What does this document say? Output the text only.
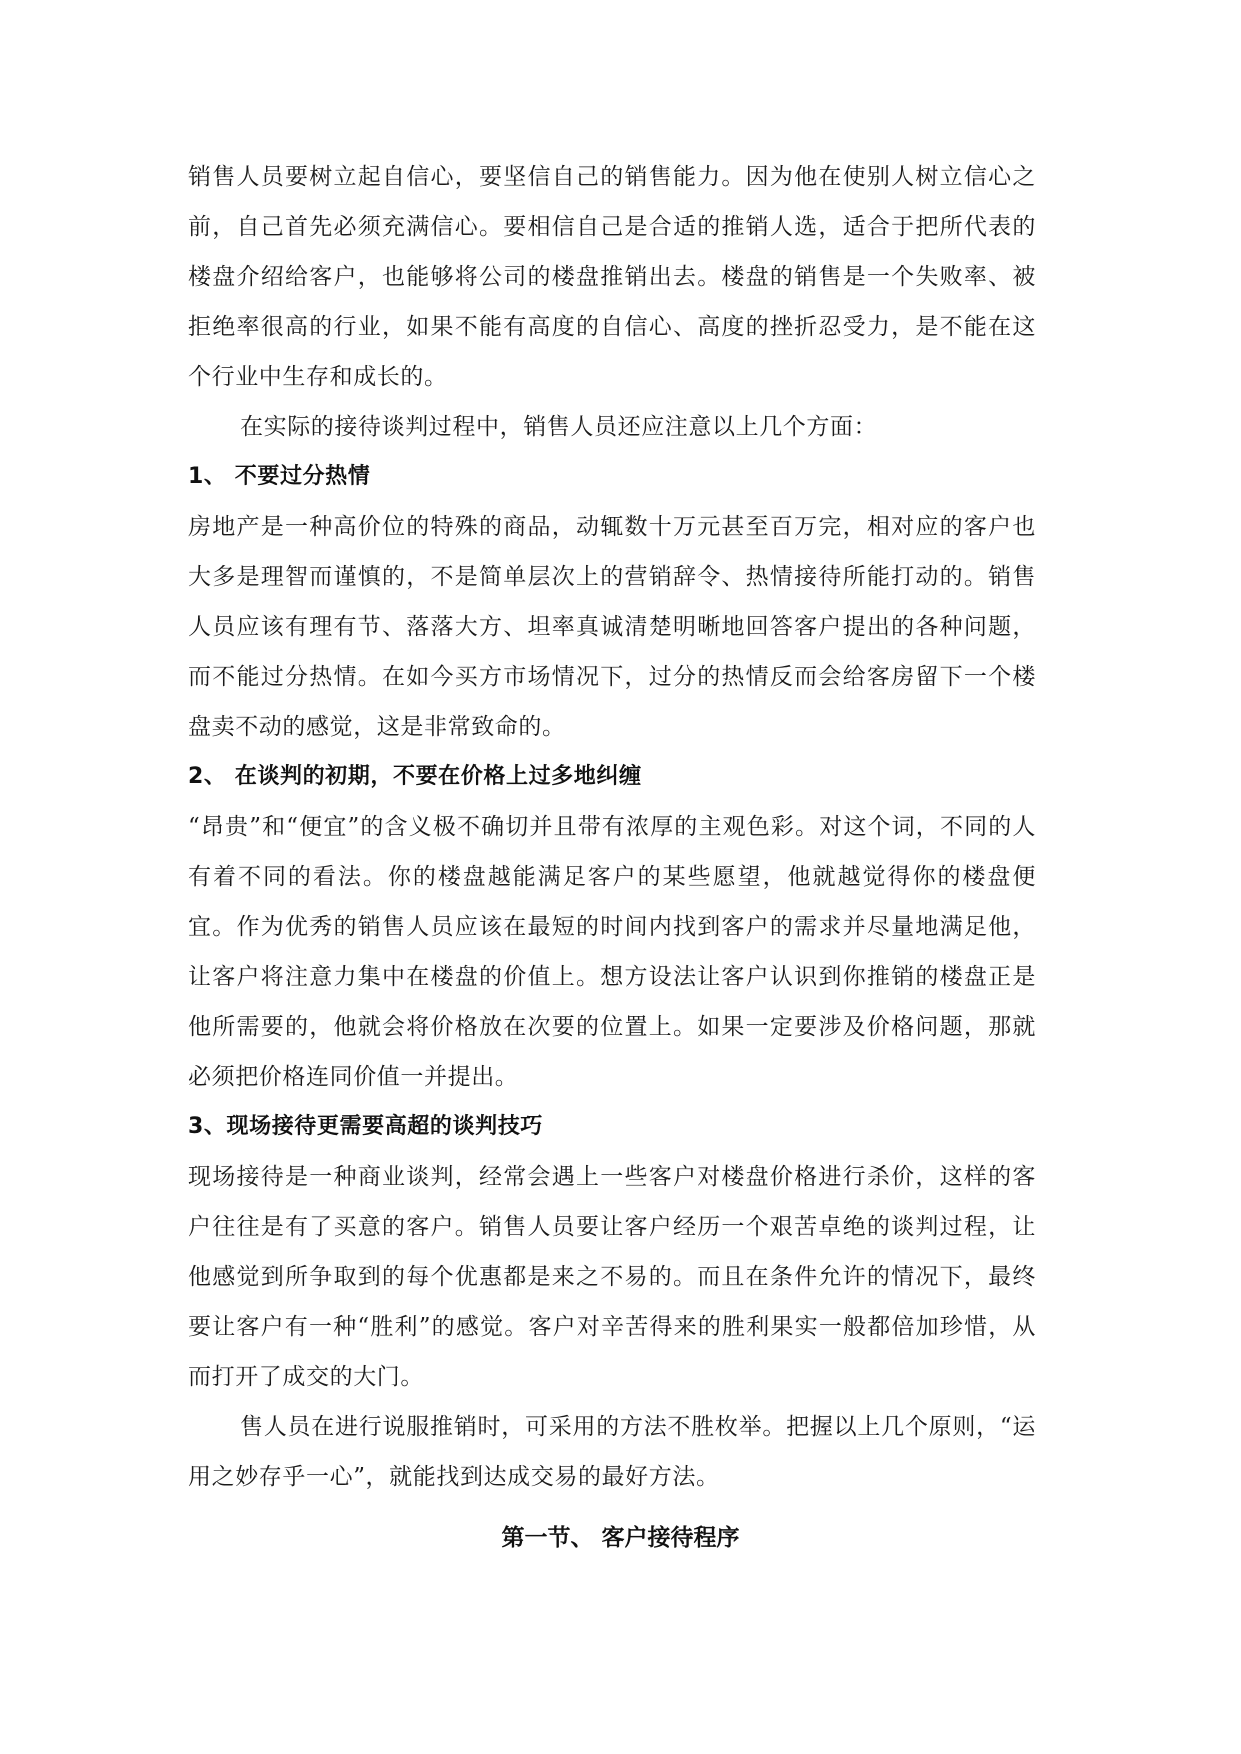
销售人员要树立起自信心，要坚信自己的销售能力。因为他在使别人树立信心之前，自己首先必须充满信心。要相信自己是合适的推销人选，适合于把所代表的楼盘介绍给客户，也能够将公司的楼盘推销出去。楼盘的销售是一个失败率、被拒绝率很高的行业，如果不能有高度的自信心、高度的挫折忍受力，是不能在这个行业中生存和成长的。

在实际的接待谈判过程中，销售人员还应注意以上几个方面：

1、 不要过分热情

房地产是一种高价位的特殊的商品，动辄数十万元甚至百万完，相对应的客户也大多是理智而谨慎的，不是简单层次上的营销辞令、热情接待所能打动的。销售人员应该有理有节、落落大方、坦率真诚清楚明晰地回答客户提出的各种问题，而不能过分热情。在如今买方市场情况下，过分的热情反而会给客房留下一个楼盘卖不动的感觉，这是非常致命的。

2、 在谈判的初期，不要在价格上过多地纠缠

“昂贵”和“便宜”的含义极不确切并且带有浓厚的主观色彩。对这个词，不同的人有着不同的看法。你的楼盘越能满足客户的某些愿望，他就越觉得你的楼盘便宜。作为优秀的销售人员应该在最短的时间内找到客户的需求并尽量地满足他，让客户将注意力集中在楼盘的价值上。想方设法让客户认识到你推销的楼盘正是他所需要的，他就会将价格放在次要的位置上。如果一定要涉及价格问题，那就必须把价格连同价值一并提出。

3、现场接待更需要高超的谈判技巧

现场接待是一种商业谈判，经常会遇上一些客户对楼盘价格进行杀价，这样的客户往往是有了买意的客户。销售人员要让客户经历一个艰苦卓绝的谈判过程，让他感觉到所争取到的每个优惠都是来之不易的。而且在条件允许的情况下，最终要让客户有一种“胜利”的感觉。客户对辛苦得来的胜利果实一般都倍加珍惜，从而打开了成交的大门。

售人员在进行说服推销时，可采用的方法不胜枚举。把握以上几个原则，“运用之妙存乎一心”，就能找到达成交易的最好方法。

第一节、 客户接待程序
